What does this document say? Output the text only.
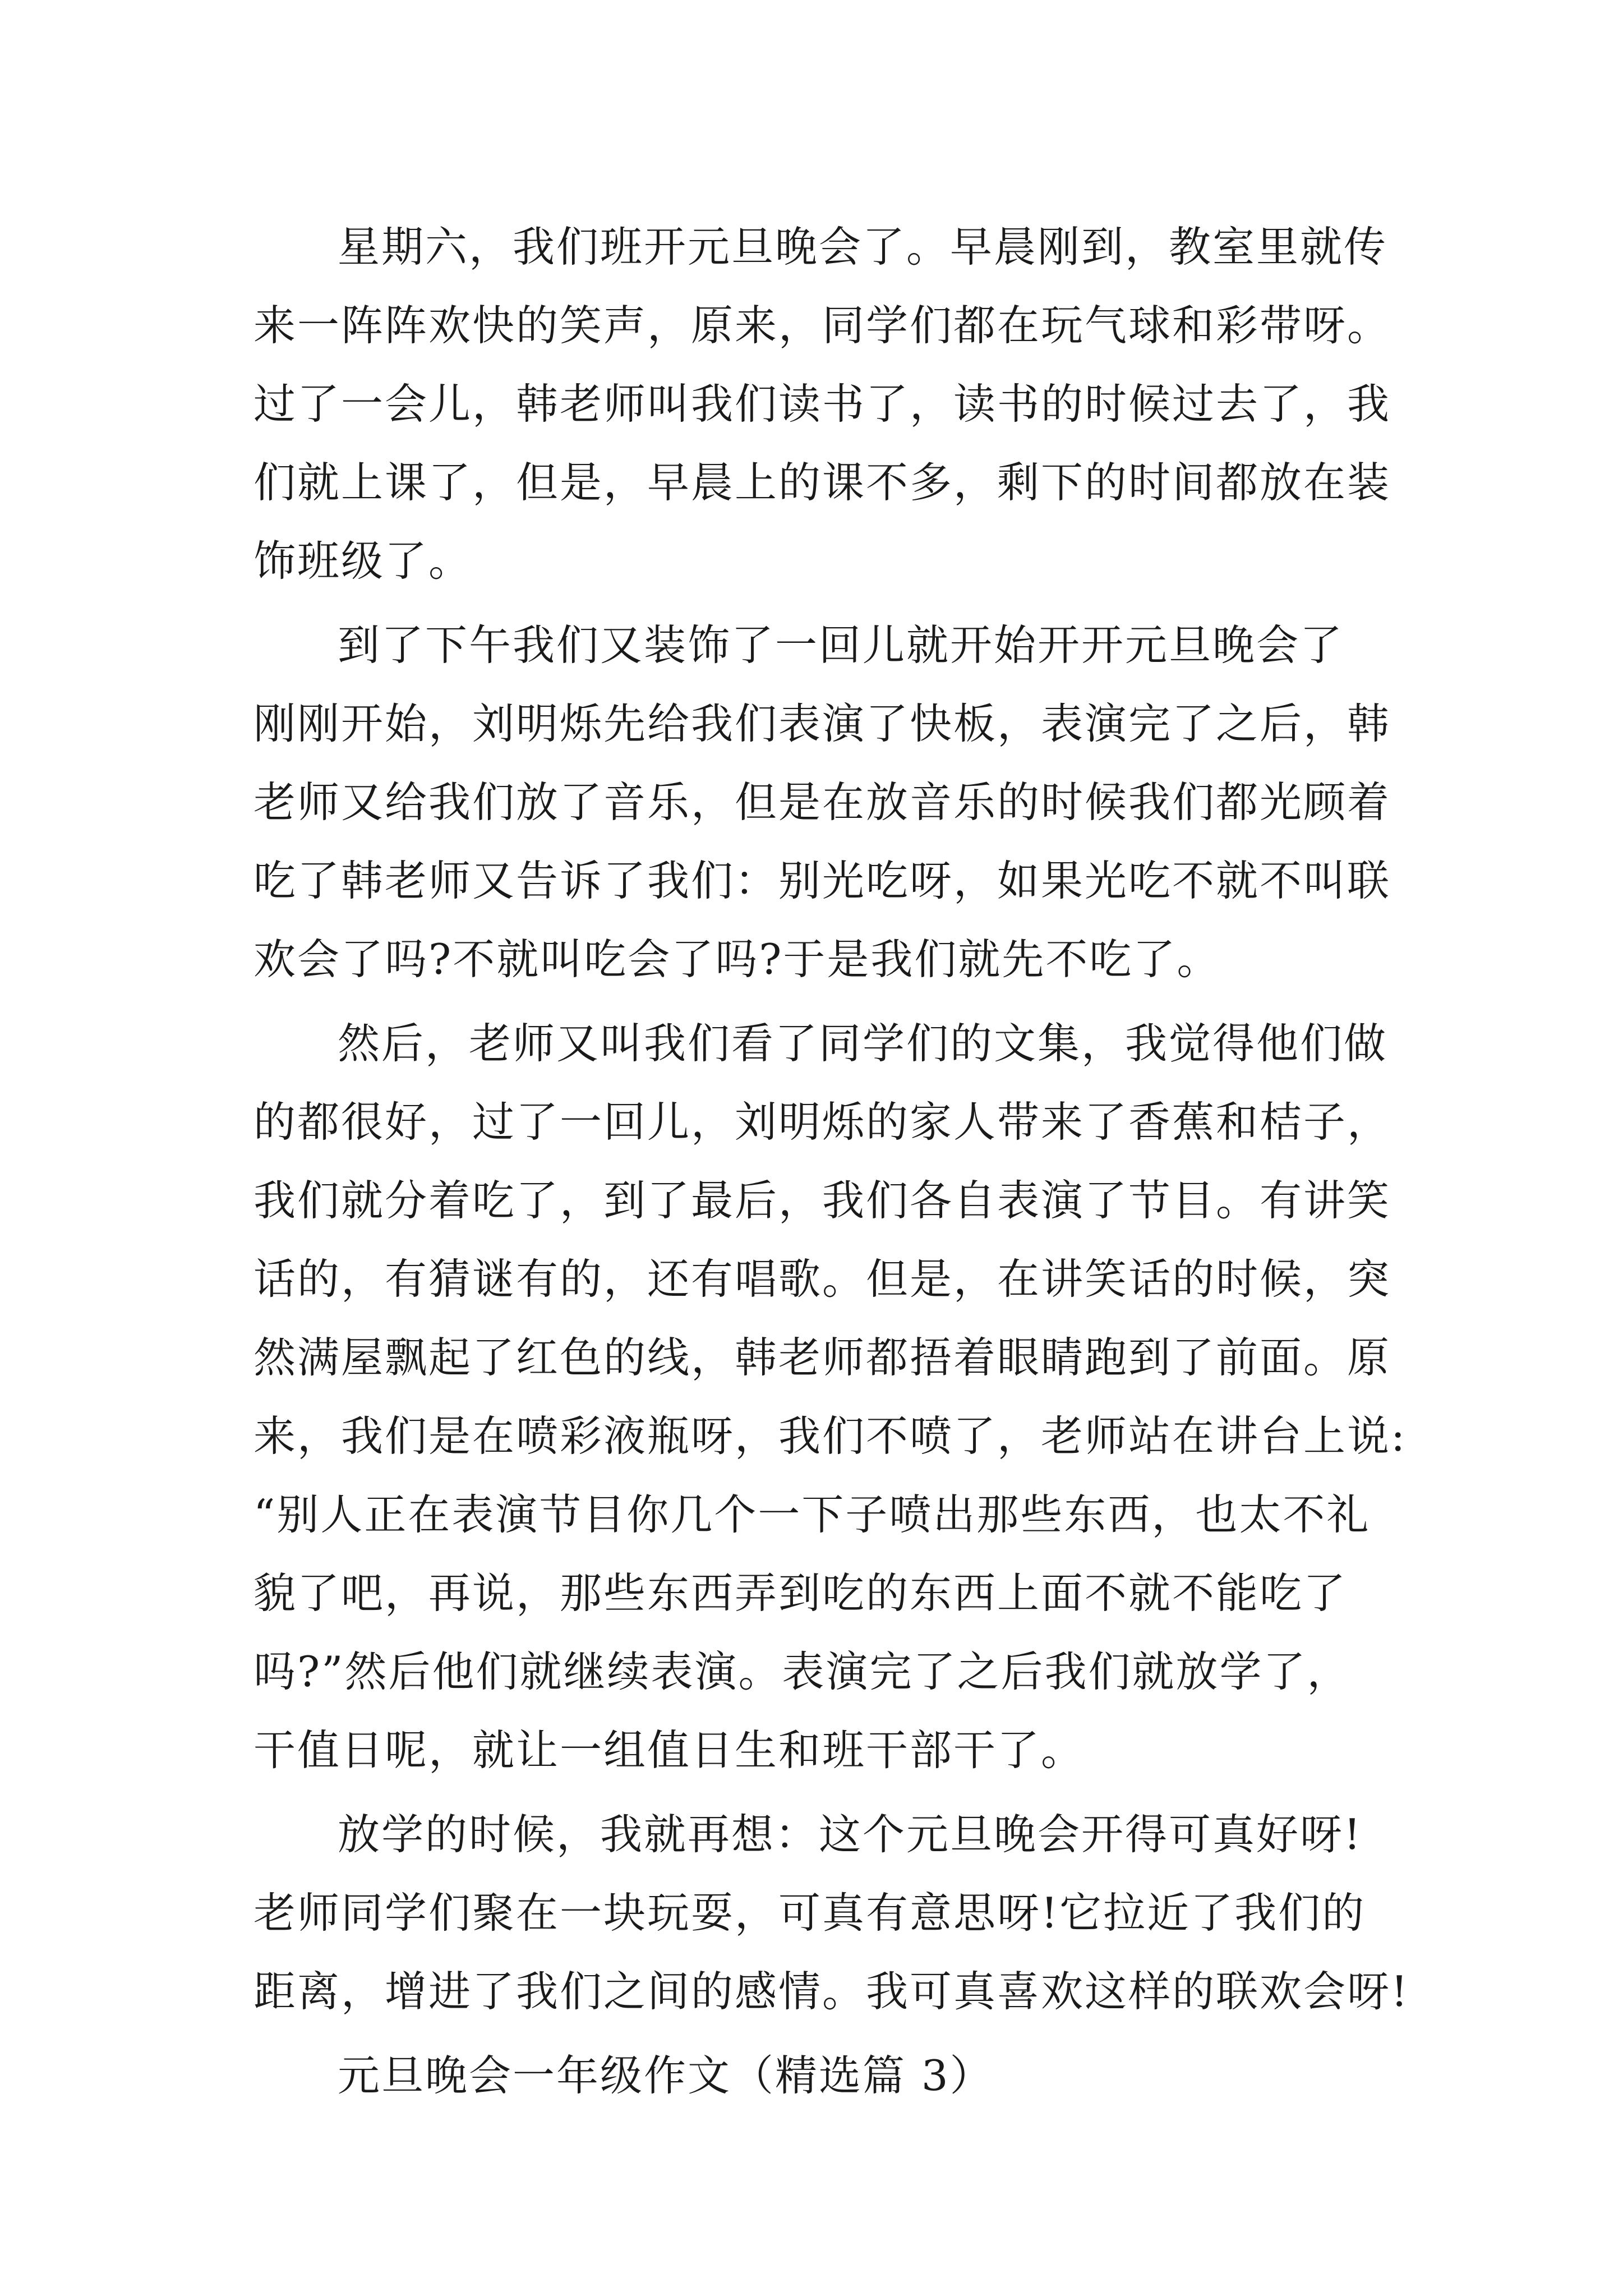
星期六，我们班开元旦晚会了。早晨刚到，教室里就传
来一阵阵欢快的笑声，原来，同学们都在玩气球和彩带呀。
过了一会儿，韩老师叫我们读书了，读书的时候过去了，我
们就上课了，但是，早晨上的课不多，剩下的时间都放在装
饰班级了。
到了下午我们又装饰了一回儿就开始开开元旦晚会了
刚刚开始，刘明烁先给我们表演了快板，表演完了之后，韩
老师又给我们放了音乐，但是在放音乐的时候我们都光顾着
吃了韩老师又告诉了我们：别光吃呀，如果光吃不就不叫联
欢会了吗?不就叫吃会了吗?于是我们就先不吃了。
然后，老师又叫我们看了同学们的文集，我觉得他们做
的都很好，过了一回儿，刘明烁的家人带来了香蕉和桔子，
我们就分着吃了，到了最后，我们各自表演了节目。有讲笑
话的，有猜谜有的，还有唱歌。但是，在讲笑话的时候，突
然满屋飘起了红色的线，韩老师都捂着眼睛跑到了前面。原
来，我们是在喷彩液瓶呀，我们不喷了，老师站在讲台上说:
“别人正在表演节目你几个一下子喷出那些东西，也太不礼
貌了吧，再说，那些东西弄到吃的东西上面不就不能吃了
吗?”然后他们就继续表演。表演完了之后我们就放学了，
干值日呢，就让一组值日生和班干部干了。
放学的时候，我就再想：这个元旦晚会开得可真好呀!
老师同学们聚在一块玩耍，可真有意思呀!它拉近了我们的
距离，增进了我们之间的感情。我可真喜欢这样的联欢会呀!
元旦晚会一年级作文（精选篇 3）
